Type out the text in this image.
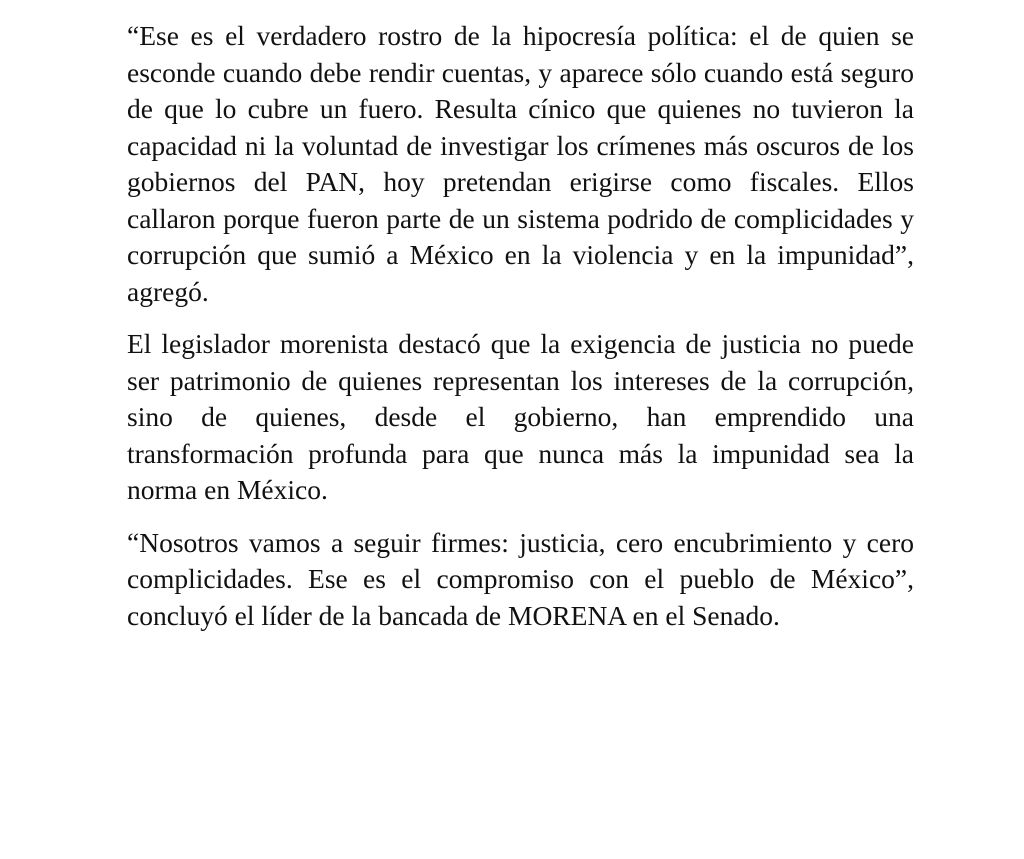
“Ese es el verdadero rostro de la hipocresía política: el de quien se esconde cuando debe rendir cuentas, y aparece sólo cuando está seguro de que lo cubre un fuero. Resulta cínico que quienes no tuvieron la capacidad ni la voluntad de investigar los crímenes más oscuros de los gobiernos del PAN, hoy pretendan erigirse como fiscales. Ellos callaron porque fueron parte de un sistema podrido de complicidades y corrupción que sumió a México en la violencia y en la impunidad”, agregó.

El legislador morenista destacó que la exigencia de justicia no puede ser patrimonio de quienes representan los intereses de la corrupción, sino de quienes, desde el gobierno, han emprendido una transformación profunda para que nunca más la impunidad sea la norma en México.

“Nosotros vamos a seguir firmes: justicia, cero encubrimiento y cero complicidades. Ese es el compromiso con el pueblo de México”, concluyó el líder de la bancada de MORENA en el Senado.
